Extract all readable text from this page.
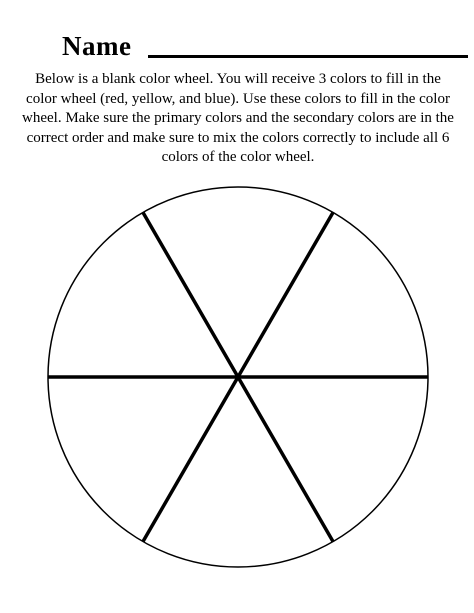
Name

Below is a blank color wheel. You will receive 3 colors to fill in the color wheel (red, yellow, and blue). Use these colors to fill in the color wheel. Make sure the primary colors and the secondary colors are in the correct order and make sure to mix the colors correctly to include all 6 colors of the color wheel.
